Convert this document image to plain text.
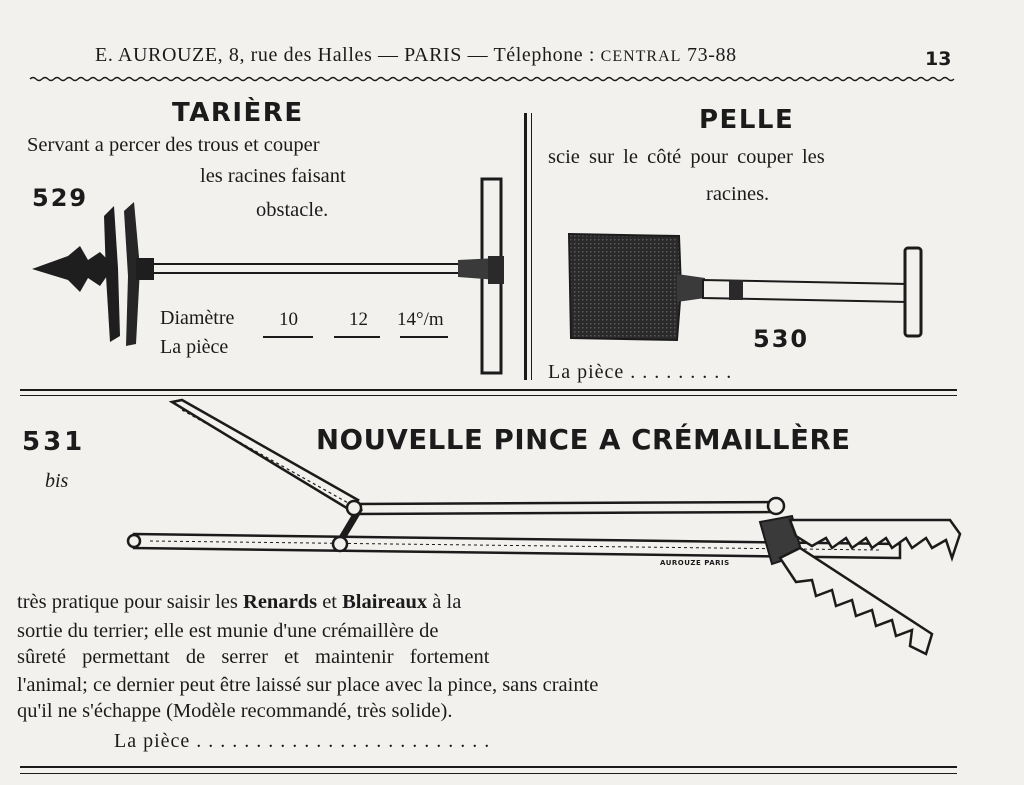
E. AUROUZE, 8, rue des Halles — PARIS — Télephone : CENTRAL 73-88	13
TARIÈRE
Servant a percer des trous et couper
les racines faisant
obstacle.
529
Diamètre 10	12 14°/m
La pièce
PELLE
scie sur le côté pour couper les
racines.
530
La pièce . . . . . . . . .
531
bis
NOUVELLE PINCE A CRÉMAILLÈRE
AUROUZE PARIS
très pratique pour saisir les Renards et Blaireaux à la
sortie du terrier; elle est munie d'une crémaillère de
sûreté permettant de serrer et maintenir fortement
l'animal; ce dernier peut être laissé sur place avec la pince, sans crainte
qu'il ne s'échappe (Modèle recommandé, très solide).
La pièce . . . . . . . . . . . . . . . . . . . . . . . . .
